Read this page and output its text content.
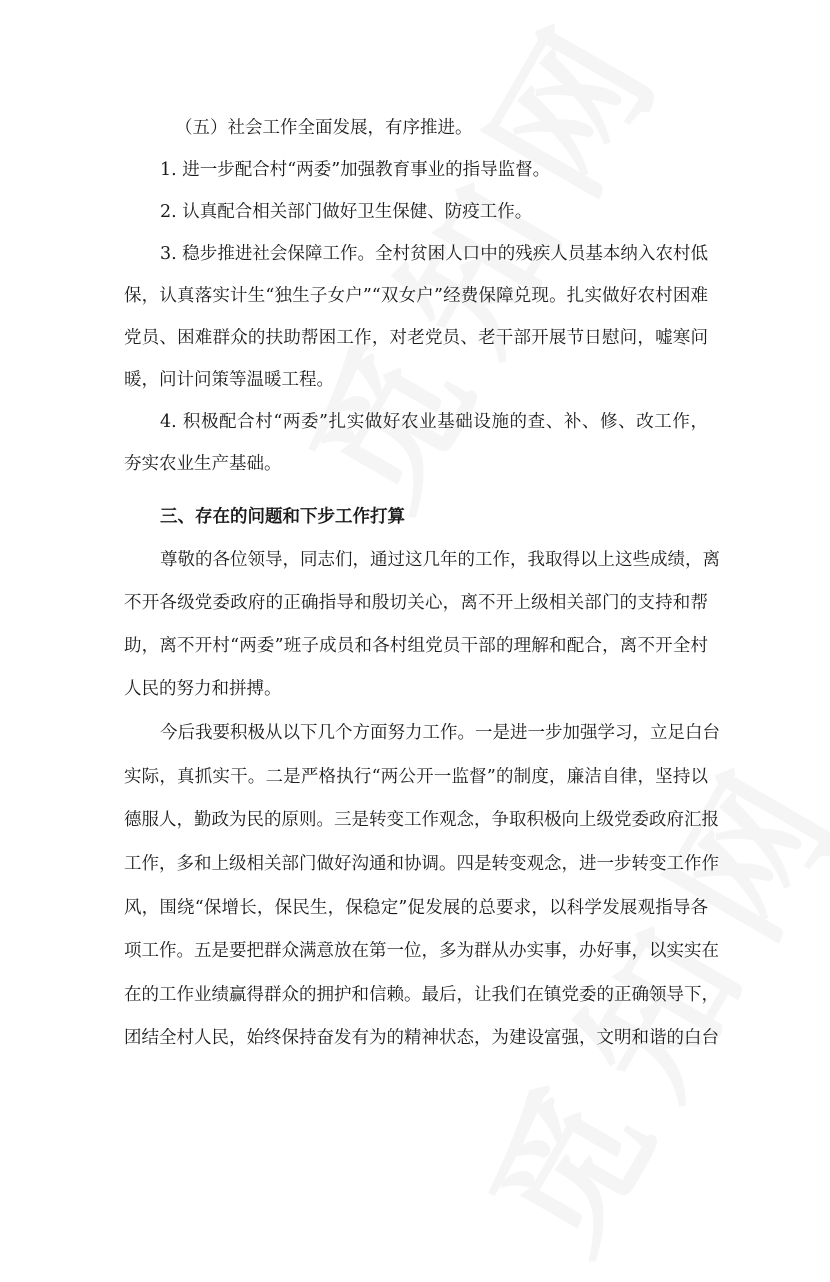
（五）社会工作全面发展，有序推进。
1. 进一步配合村“两委”加强教育事业的指导监督。
2. 认真配合相关部门做好卫生保健、防疫工作。
3. 稳步推进社会保障工作。全村贫困人口中的残疾人员基本纳入农村低
保，认真落实计生“独生子女户”“双女户”经费保障兑现。扎实做好农村困难
党员、困难群众的扶助帮困工作，对老党员、老干部开展节日慰问，嘘寒问
暖，问计问策等温暖工程。
4. 积极配合村“两委”扎实做好农业基础设施的查、补、修、改工作，
夯实农业生产基础。
三、存在的问题和下步工作打算
尊敬的各位领导，同志们，通过这几年的工作，我取得以上这些成绩，离
不开各级党委政府的正确指导和殷切关心，离不开上级相关部门的支持和帮
助，离不开村“两委”班子成员和各村组党员干部的理解和配合，离不开全村
人民的努力和拼搏。
今后我要积极从以下几个方面努力工作。一是进一步加强学习，立足白台
实际，真抓实干。二是严格执行“两公开一监督”的制度，廉洁自律，坚持以
德服人，勤政为民的原则。三是转变工作观念，争取积极向上级党委政府汇报
工作，多和上级相关部门做好沟通和协调。四是转变观念，进一步转变工作作
风，围绕“保增长，保民生，保稳定”促发展的总要求，以科学发展观指导各
项工作。五是要把群众满意放在第一位，多为群从办实事，办好事，以实实在
在的工作业绩赢得群众的拥护和信赖。最后，让我们在镇党委的正确领导下，
团结全村人民，始终保持奋发有为的精神状态，为建设富强，文明和谐的白台
